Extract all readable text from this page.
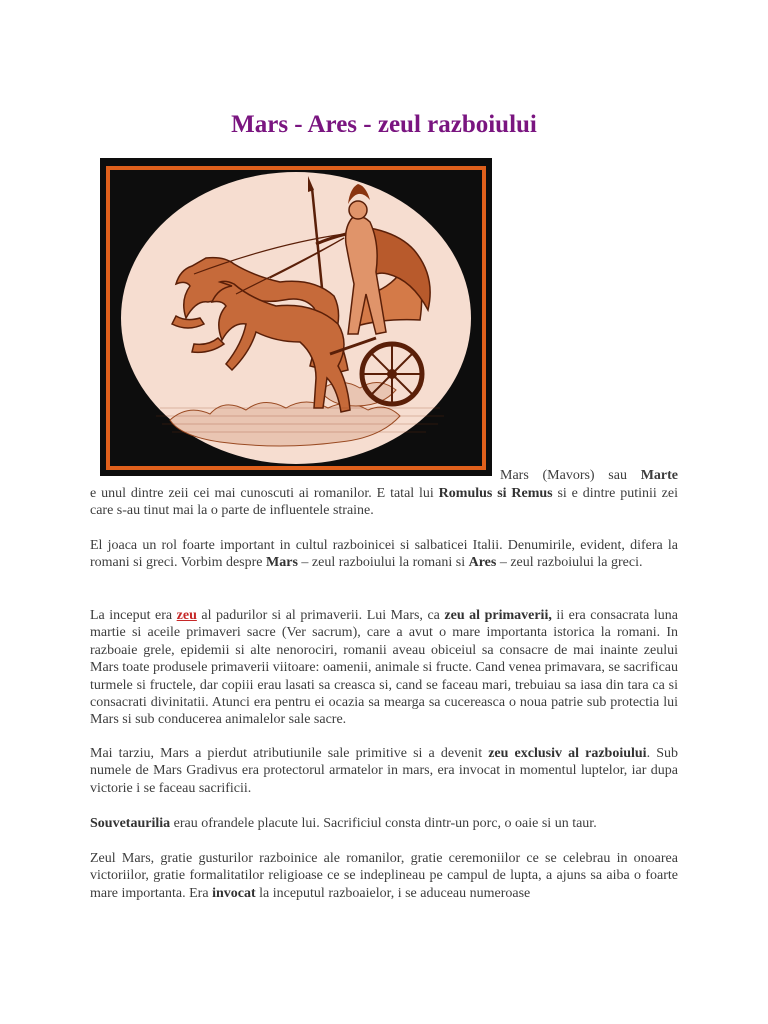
Mars - Ares - zeul razboiului
Mars (Mavors) sau Marte
e unul dintre zeii cei mai cunoscuti ai romanilor. E tatal lui Romulus si Remus si e dintre putinii zei care s-au tinut mai la o parte de influentele straine.
El joaca un rol foarte important in cultul razboinicei si salbaticei Italii. Denumirile, evident, difera la romani si greci. Vorbim despre Mars – zeul razboiului la romani si Ares – zeul razboiului la greci.
La inceput era zeu al padurilor si al primaverii. Lui Mars, ca zeu al primaverii, ii era consacrata luna martie si aceile primaveri sacre (Ver sacrum), care a avut o mare importanta istorica la romani. In razboaie grele, epidemii si alte nenorociri, romanii aveau obiceiul sa consacre de mai inainte zeului Mars toate produsele primaverii viitoare: oamenii, animale si fructe. Cand venea primavara, se sacrificau turmele si fructele, dar copiii erau lasati sa creasca si, cand se faceau mari, trebuiau sa iasa din tara ca si consacrati divinitatii. Atunci era pentru ei ocazia sa mearga sa cucereasca o noua patrie sub protectia lui Mars si sub conducerea animalelor sale sacre.
Mai tarziu, Mars a pierdut atributiunile sale primitive si a devenit zeu exclusiv al razboiului. Sub numele de Mars Gradivus era protectorul armatelor in mars, era invocat in momentul luptelor, iar dupa victorie i se faceau sacrificii.
Souvetaurilia erau ofrandele placute lui. Sacrificiul consta dintr-un porc, o oaie si un taur.
Zeul Mars, gratie gusturilor razboinice ale romanilor, gratie ceremoniilor ce se celebrau in onoarea victoriilor, gratie formalitatilor religioase ce se indeplineau pe campul de lupta, a ajuns sa aiba o foarte mare importanta. Era invocat la inceputul razboaielor, i se aduceau numeroase
